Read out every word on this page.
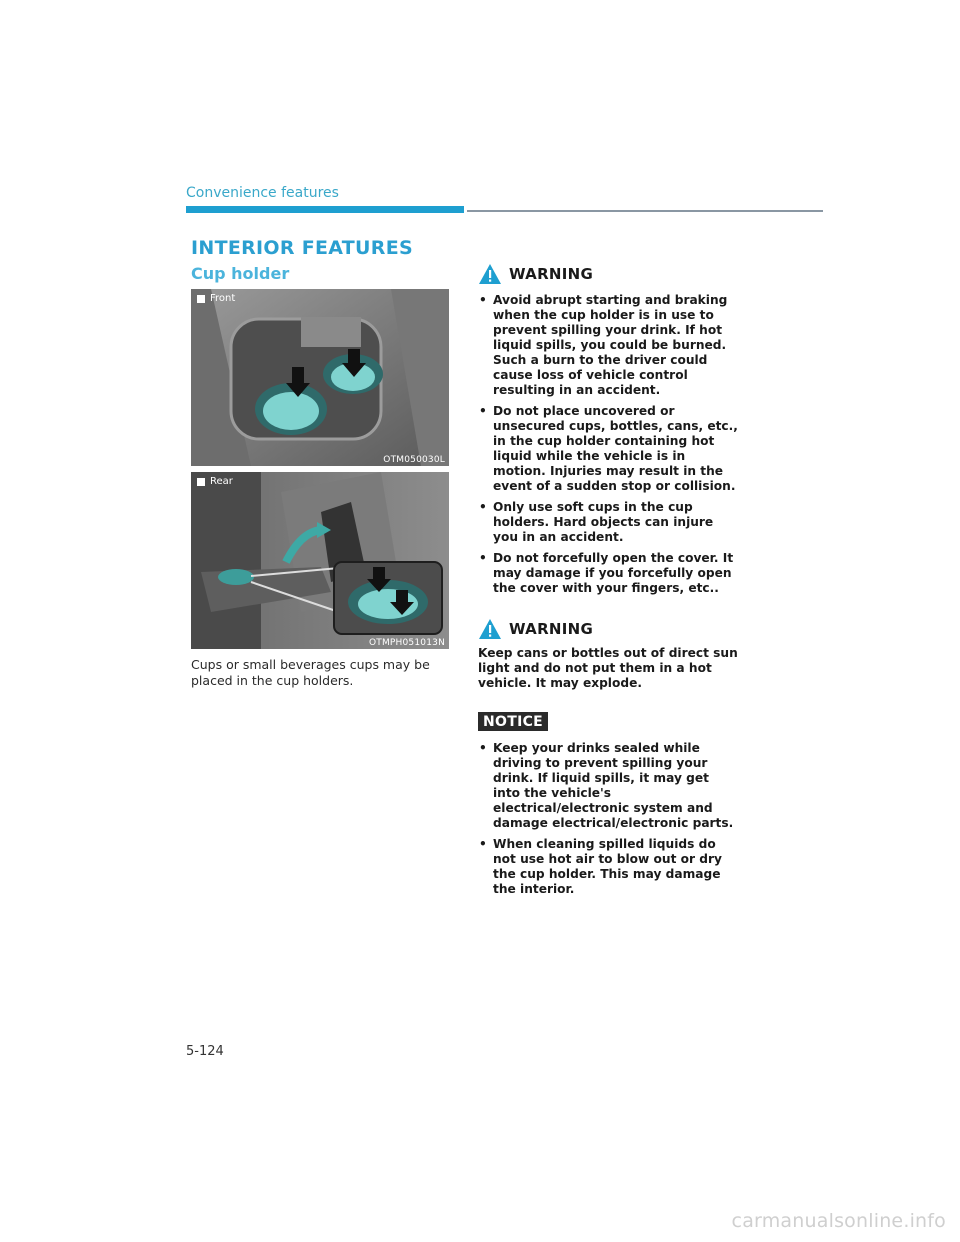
Convenience features
INTERIOR FEATURES
Cup holder
Front
OTM050030L
Rear
OTMPH051013N
Cups or small beverages cups may be placed in the cup holders.
WARNING
• Avoid abrupt starting and braking when the cup holder is in use to prevent spilling your drink. If hot liquid spills, you could be burned. Such a burn to the driver could cause loss of vehicle control resulting in an accident.
• Do not place uncovered or unsecured cups, bottles, cans, etc., in the cup holder containing hot liquid while the vehicle is in motion. Injuries may result in the event of a sudden stop or collision.
• Only use soft cups in the cup holders. Hard objects can injure you in an accident.
• Do not forcefully open the cover. It may damage if you forcefully open the cover with your fingers, etc..
WARNING
Keep cans or bottles out of direct sun light and do not put them in a hot vehicle. It may explode.
NOTICE
• Keep your drinks sealed while driving to prevent spilling your drink. If liquid spills, it may get into the vehicle's electrical/electronic system and damage electrical/electronic parts.
• When cleaning spilled liquids do not use hot air to blow out or dry the cup holder. This may damage the interior.
5-124
carmanualsonline.info
